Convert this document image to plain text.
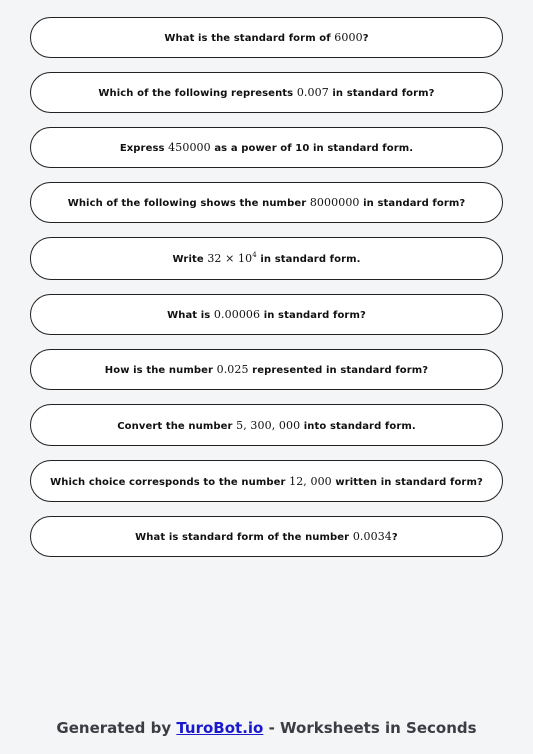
What is the standard form of 6000?
Which of the following represents 0.007 in standard form?
Express 450000 as a power of 10 in standard form.
Which of the following shows the number 8000000 in standard form?
Write $32 \times 10^4$ in standard form.
What is 0.00006 in standard form?
How is the number 0.025 represented in standard form?
Convert the number 5, 300, 000 into standard form.
Which choice corresponds to the number 12, 000 written in standard form?
What is standard form of the number 0.0034?
Generated by TuroBot.io - Worksheets in Seconds
